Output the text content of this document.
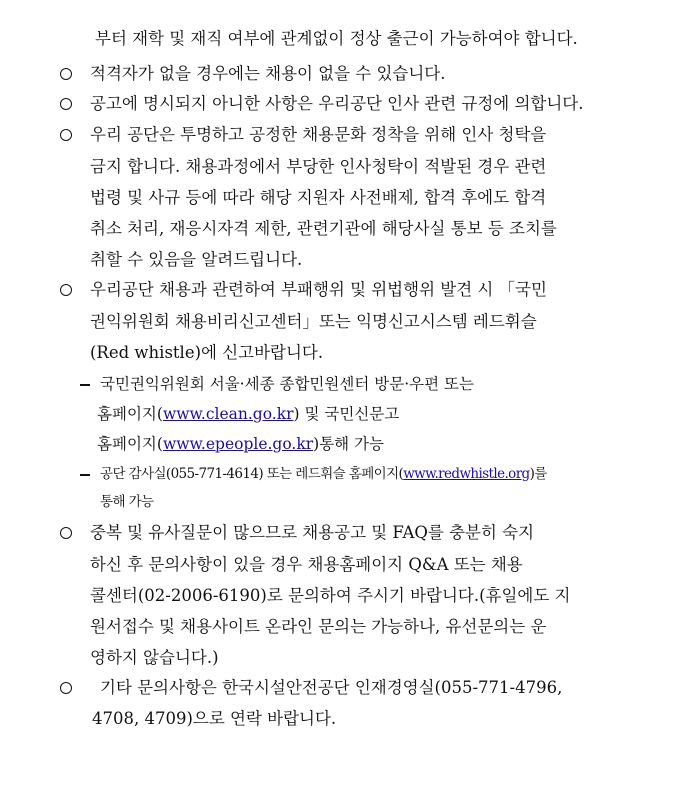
부터 재학 및 재직 여부에 관계없이 정상 출근이 가능하여야 합니다.
적격자가 없을 경우에는 채용이 없을 수 있습니다.
공고에 명시되지 아니한 사항은 우리공단 인사 관련 규정에 의합니다.
우리 공단은 투명하고 공정한 채용문화 정착을 위해 인사 청탁을
금지 합니다. 채용과정에서 부당한 인사청탁이 적발된 경우 관련
법령 및 사규 등에 따라 해당 지원자 사전배제, 합격 후에도 합격
취소 처리, 재응시자격 제한, 관련기관에 해당사실 통보 등 조치를
취할 수 있음을 알려드립니다.
우리공단 채용과 관련하여 부패행위 및 위법행위 발견 시 「국민
권익위원회 채용비리신고센터」또는 익명신고시스템 레드휘슬
(Red whistle)에 신고바랍니다.
국민권익위원회 서울·세종 종합민원센터 방문·우편 또는
홈페이지( www.clean.go.kr ) 및 국민신문고
홈페이지( www.epeople.go.kr )통해 가능
공단 감사실(055-771-4614) 또는 레드휘슬 홈페이지( www.redwhistle.org )를
통해 가능
중복 및 유사질문이 많으므로 채용공고 및 FAQ를 충분히 숙지
하신 후 문의사항이 있을 경우 채용홈페이지 Q&A 또는 채용
콜센터(02-2006-6190)로 문의하여 주시기 바랍니다.(휴일에도 지
원서접수 및 채용사이트 온라인 문의는 가능하나, 유선문의는 운
영하지 않습니다.)
기타 문의사항은 한국시설안전공단 인재경영실(055-771-4796,
4708, 4709)으로 연락 바랍니다.
